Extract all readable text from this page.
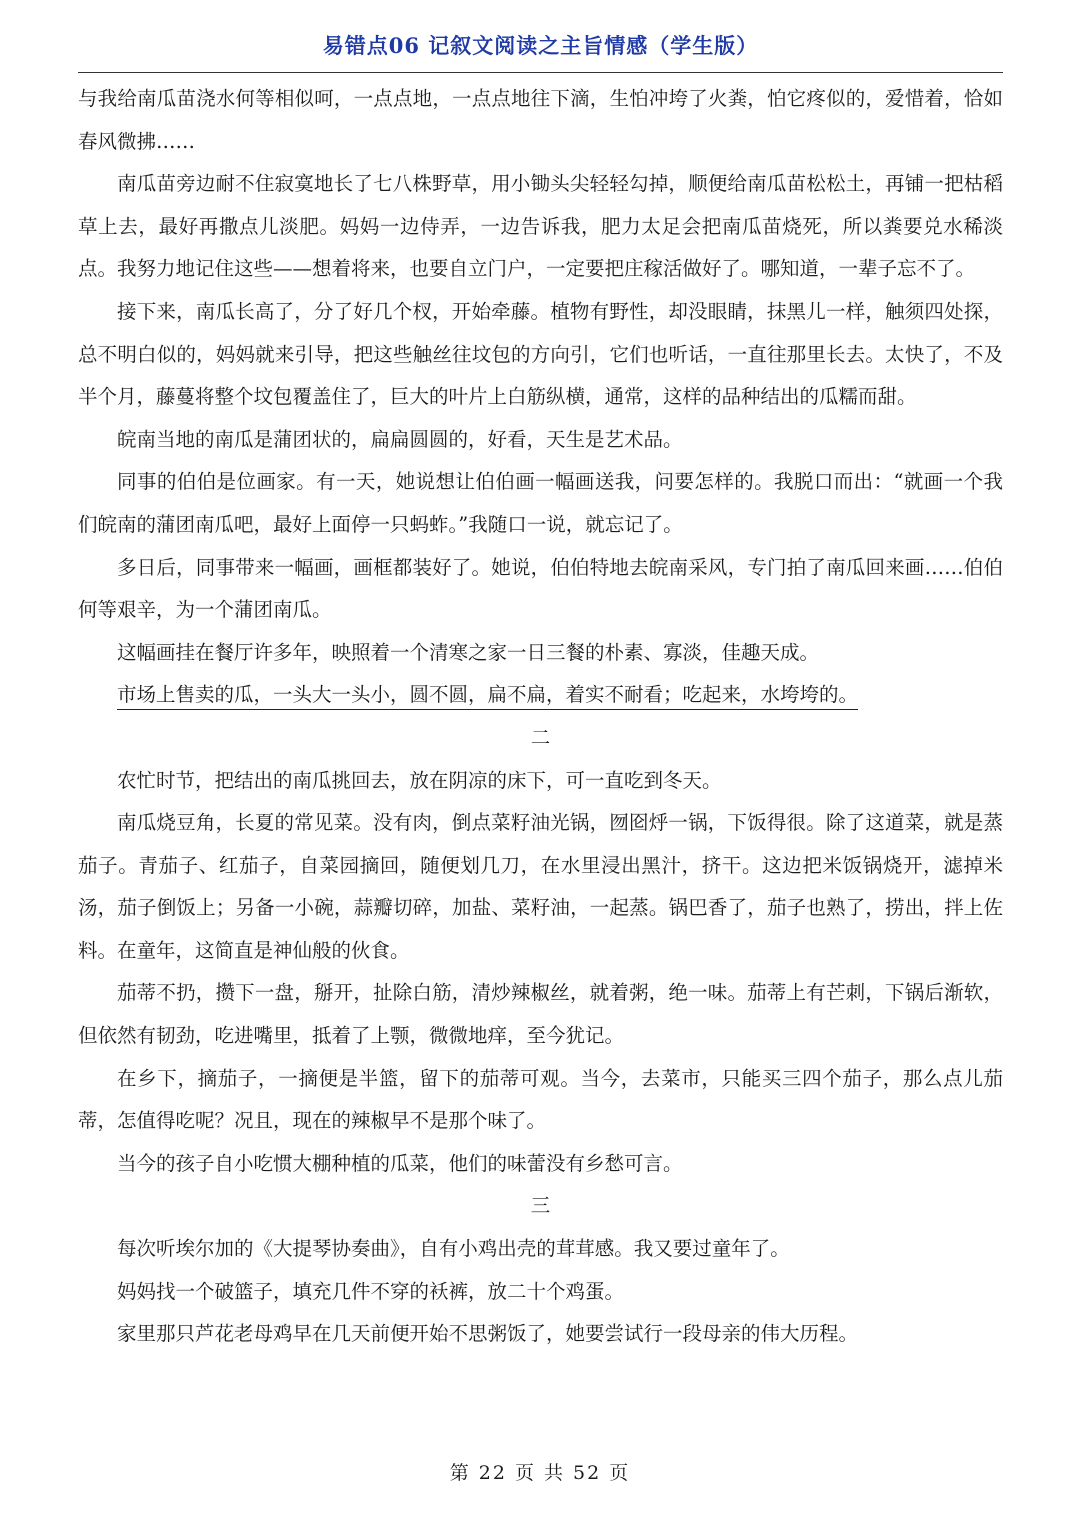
易错点06 记叙文阅读之主旨情感（学生版）

与我给南瓜苗浇水何等相似呵，一点点地，一点点地往下滴，生怕冲垮了火粪，怕它疼似的，爱惜着，恰如春风微拂……

南瓜苗旁边耐不住寂寞地长了七八株野草，用小锄头尖轻轻勾掉，顺便给南瓜苗松松土，再铺一把枯稻草上去，最好再撒点儿淡肥。妈妈一边侍弄，一边告诉我，肥力太足会把南瓜苗烧死，所以粪要兑水稀淡点。我努力地记住这些——想着将来，也要自立门户，一定要把庄稼活做好了。哪知道，一辈子忘不了。

接下来，南瓜长高了，分了好几个杈，开始牵藤。植物有野性，却没眼睛，抹黑儿一样，触须四处探，总不明白似的，妈妈就来引导，把这些触丝往坟包的方向引，它们也听话，一直往那里长去。太快了，不及半个月，藤蔓将整个坟包覆盖住了，巨大的叶片上白筋纵横，通常，这样的品种结出的瓜糯而甜。

皖南当地的南瓜是蒲团状的，扁扁圆圆的，好看，天生是艺术品。

同事的伯伯是位画家。有一天，她说想让伯伯画一幅画送我，问要怎样的。我脱口而出：“就画一个我们皖南的蒲团南瓜吧，最好上面停一只蚂蚱。”我随口一说，就忘记了。

多日后，同事带来一幅画，画框都装好了。她说，伯伯特地去皖南采风，专门拍了南瓜回来画……伯伯何等艰辛，为一个蒲团南瓜。

这幅画挂在餐厅许多年，映照着一个清寒之家一日三餐的朴素、寡淡，佳趣天成。

市场上售卖的瓜，一头大一头小，圆不圆，扁不扁，着实不耐看；吃起来，水垮垮的。

二

农忙时节，把结出的南瓜挑回去，放在阴凉的床下，可一直吃到冬天。

南瓜烧豆角，长夏的常见菜。没有肉，倒点菜籽油光锅，囫囵烀一锅，下饭得很。除了这道菜，就是蒸茄子。青茄子、红茄子，自菜园摘回，随便划几刀，在水里浸出黑汁，挤干。这边把米饭锅烧开，滤掉米汤，茄子倒饭上；另备一小碗，蒜瓣切碎，加盐、菜籽油，一起蒸。锅巴香了，茄子也熟了，捞出，拌上佐料。在童年，这简直是神仙般的伙食。

茄蒂不扔，攒下一盘，掰开，扯除白筋，清炒辣椒丝，就着粥，绝一味。茄蒂上有芒刺，下锅后渐软，但依然有韧劲，吃进嘴里，抵着了上颚，微微地痒，至今犹记。

在乡下，摘茄子，一摘便是半篮，留下的茄蒂可观。当今，去菜市，只能买三四个茄子，那么点儿茄蒂，怎值得吃呢？况且，现在的辣椒早不是那个味了。

当今的孩子自小吃惯大棚种植的瓜菜，他们的味蕾没有乡愁可言。

三

每次听埃尔加的《大提琴协奏曲》，自有小鸡出壳的茸茸感。我又要过童年了。

妈妈找一个破篮子，填充几件不穿的袄裤，放二十个鸡蛋。

家里那只芦花老母鸡早在几天前便开始不思粥饭了，她要尝试行一段母亲的伟大历程。

第 22 页 共 52 页
